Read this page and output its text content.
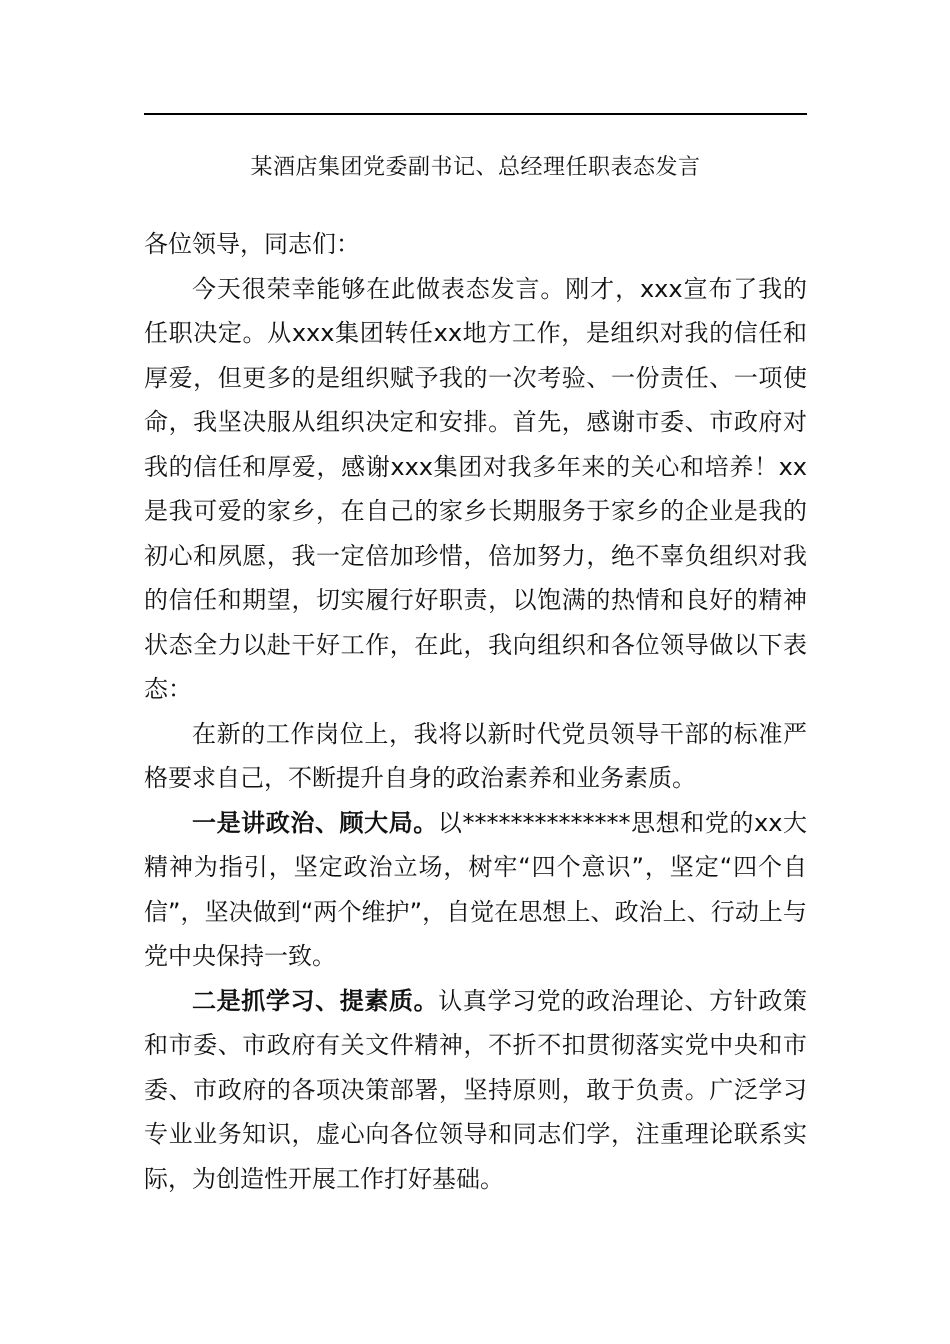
某酒店集团党委副书记、总经理任职表态发言

各位领导，同志们：

今天很荣幸能够在此做表态发言。刚才，xxx宣布了我的任职决定。从xxx集团转任xx地方工作，是组织对我的信任和厚爱，但更多的是组织赋予我的一次考验、一份责任、一项使命，我坚决服从组织决定和安排。首先，感谢市委、市政府对我的信任和厚爱，感谢xxx集团对我多年来的关心和培养！xx是我可爱的家乡，在自己的家乡长期服务于家乡的企业是我的初心和夙愿，我一定倍加珍惜，倍加努力，绝不辜负组织对我的信任和期望，切实履行好职责，以饱满的热情和良好的精神状态全力以赴干好工作，在此，我向组织和各位领导做以下表态：

在新的工作岗位上，我将以新时代党员领导干部的标准严格要求自己，不断提升自身的政治素养和业务素质。

一是讲政治、顾大局。以**************思想和党的xx大精神为指引，坚定政治立场，树牢“四个意识”，坚定“四个自信”，坚决做到“两个维护”，自觉在思想上、政治上、行动上与党中央保持一致。

二是抓学习、提素质。认真学习党的政治理论、方针政策和市委、市政府有关文件精神，不折不扣贯彻落实党中央和市委、市政府的各项决策部署，坚持原则，敢于负责。广泛学习专业业务知识，虚心向各位领导和同志们学，注重理论联系实际，为创造性开展工作打好基础。
